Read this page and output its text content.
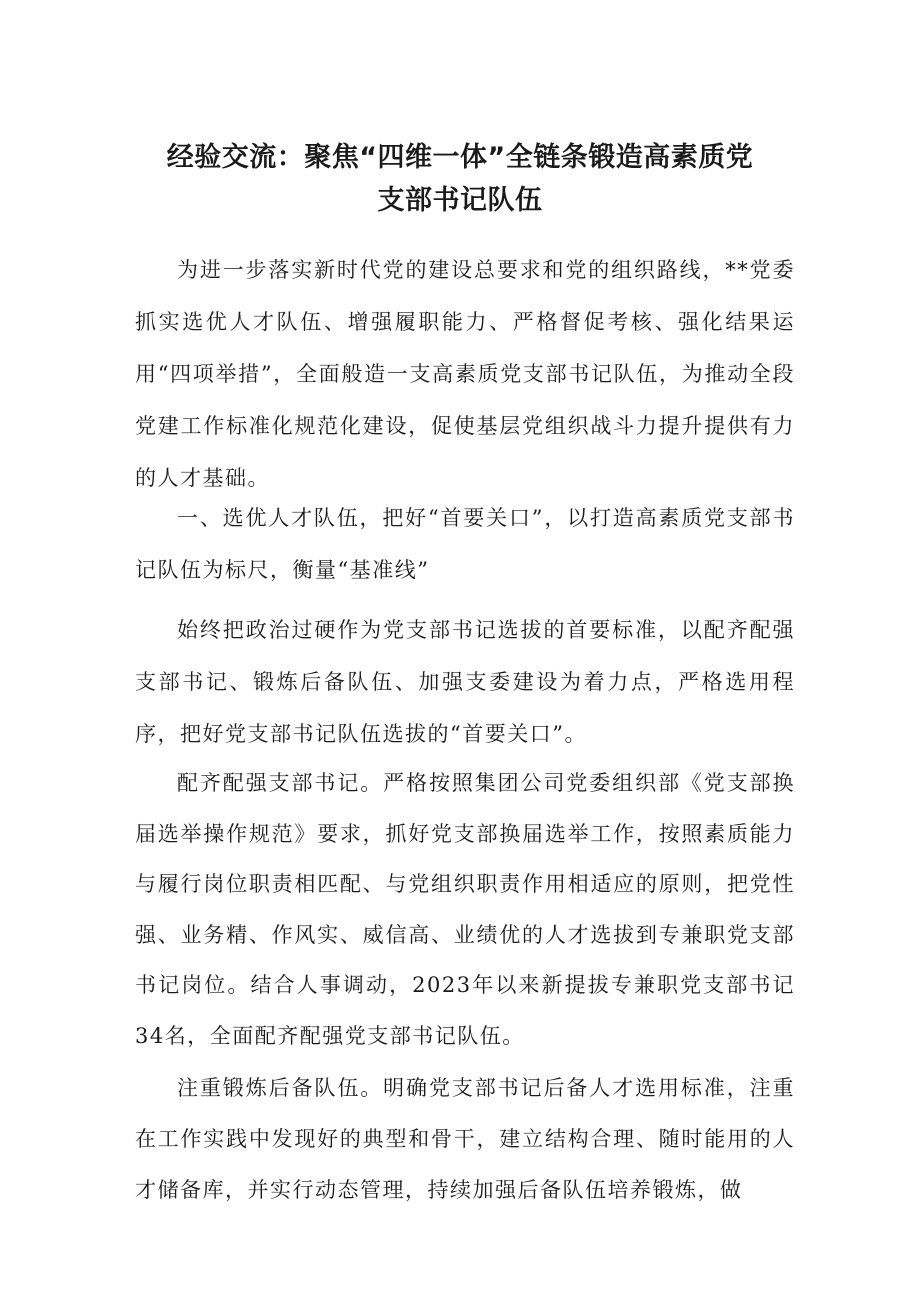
经验交流：聚焦“四维一体”全链条锻造高素质党
支部书记队伍

为进一步落实新时代党的建设总要求和党的组织路线，**党委抓实选优人才队伍、增强履职能力、严格督促考核、强化结果运用“四项举措”，全面般造一支高素质党支部书记队伍，为推动全段党建工作标准化规范化建设，促使基层党组织战斗力提升提供有力的人才基础。

一、选优人才队伍，把好“首要关口”，以打造高素质党支部书记队伍为标尺，衡量“基准线”

始终把政治过硬作为党支部书记选拔的首要标准，以配齐配强支部书记、锻炼后备队伍、加强支委建设为着力点，严格选用程序，把好党支部书记队伍选拔的“首要关口”。

配齐配强支部书记。严格按照集团公司党委组织部《党支部换届选举操作规范》要求，抓好党支部换届选举工作，按照素质能力与履行岗位职责相匹配、与党组织职责作用相适应的原则，把党性强、业务精、作风实、威信高、业绩优的人才选拔到专兼职党支部书记岗位。结合人事调动，2023年以来新提拔专兼职党支部书记34名，全面配齐配强党支部书记队伍。

注重锻炼后备队伍。明确党支部书记后备人才选用标准，注重在工作实践中发现好的典型和骨干，建立结构合理、随时能用的人才储备库，并实行动态管理，持续加强后备队伍培养锻炼，做
